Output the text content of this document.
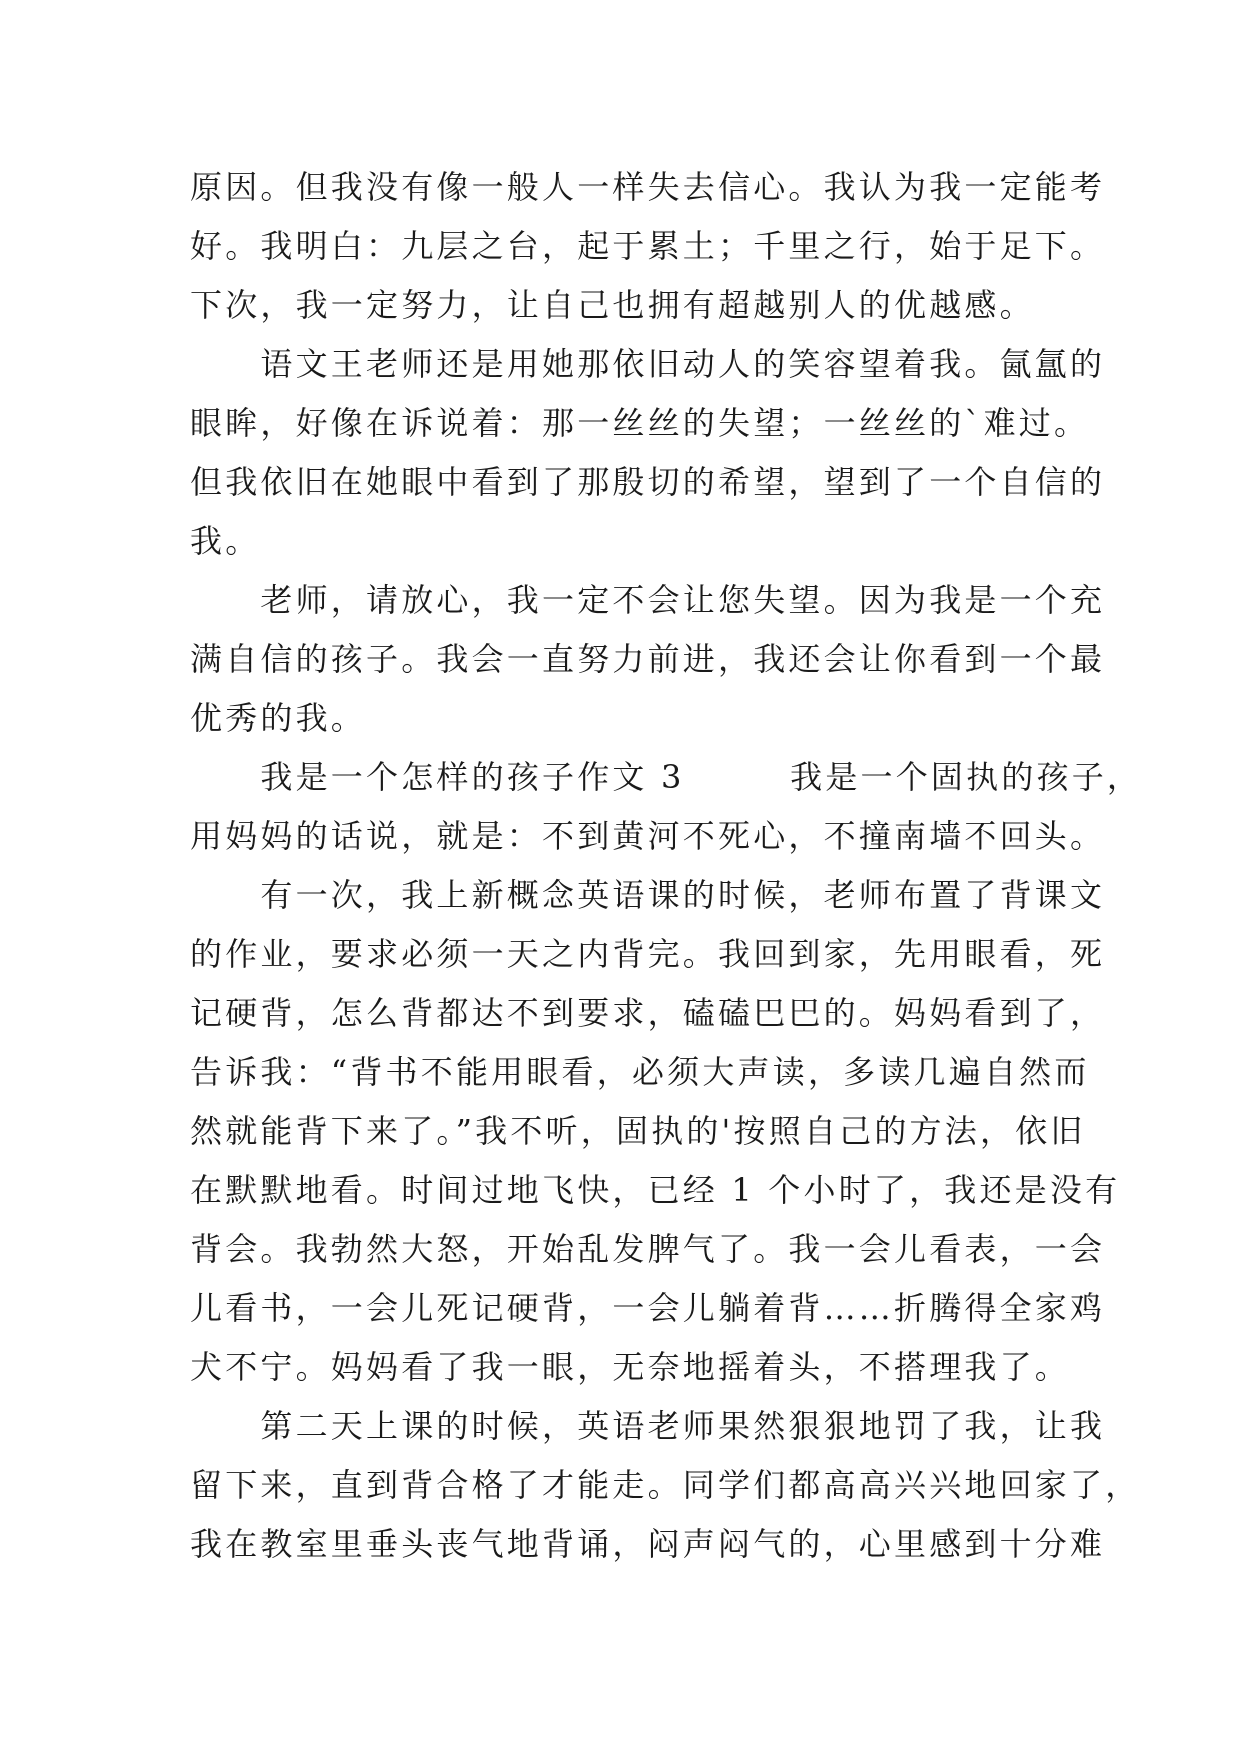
原因。但我没有像一般人一样失去信心。我认为我一定能考

好。我明白：九层之台，起于累土；千里之行，始于足下。

下次，我一定努力，让自己也拥有超越别人的优越感。

　　语文王老师还是用她那依旧动人的笑容望着我。氤氲的

眼眸，好像在诉说着：那一丝丝的失望；一丝丝的`难过。

但我依旧在她眼中看到了那殷切的希望，望到了一个自信的

我。

　　老师，请放心，我一定不会让您失望。因为我是一个充

满自信的孩子。我会一直努力前进，我还会让你看到一个最

优秀的我。

　　我是一个怎样的孩子作文 3　　　我是一个固执的孩子，

用妈妈的话说，就是：不到黄河不死心，不撞南墙不回头。

　　有一次，我上新概念英语课的时候，老师布置了背课文

的作业，要求必须一天之内背完。我回到家，先用眼看，死

记硬背，怎么背都达不到要求，磕磕巴巴的。妈妈看到了，

告诉我：“背书不能用眼看，必须大声读，多读几遍自然而

然就能背下来了。”我不听，固执的'按照自己的方法，依旧

在默默地看。时间过地飞快，已经 1 个小时了，我还是没有

背会。我勃然大怒，开始乱发脾气了。我一会儿看表，一会

儿看书，一会儿死记硬背，一会儿躺着背……折腾得全家鸡

犬不宁。妈妈看了我一眼，无奈地摇着头，不搭理我了。

　　第二天上课的时候，英语老师果然狠狠地罚了我，让我

留下来，直到背合格了才能走。同学们都高高兴兴地回家了，

我在教室里垂头丧气地背诵，闷声闷气的，心里感到十分难
